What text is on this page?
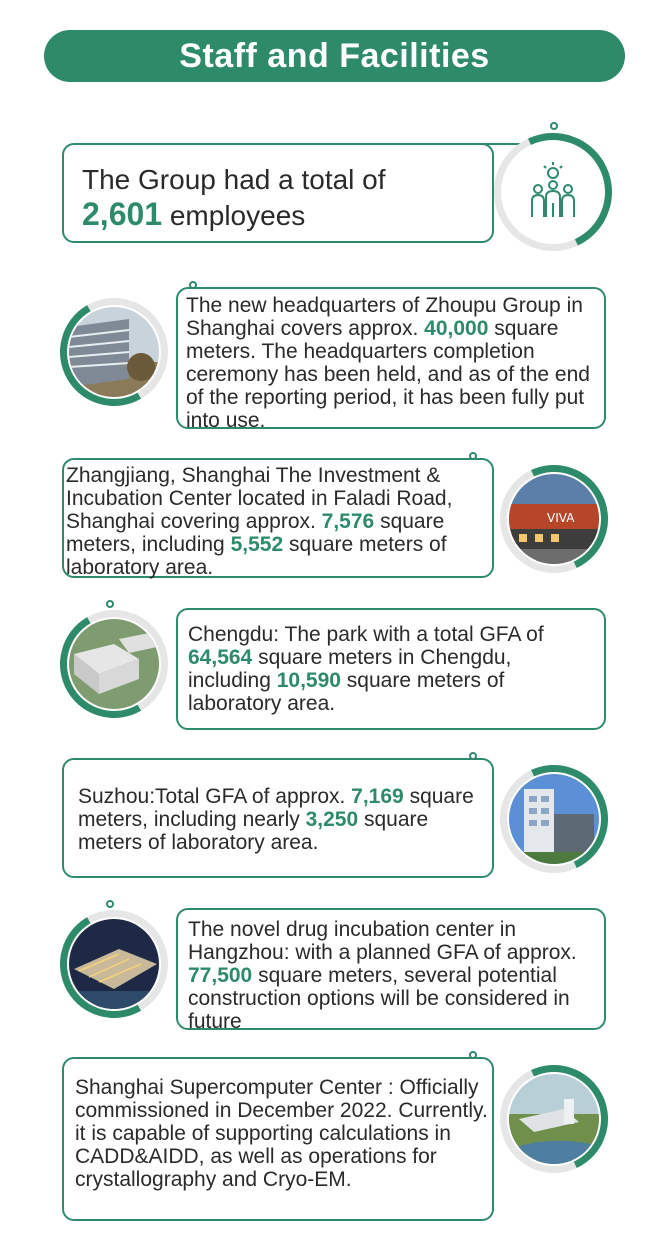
Staff and Facilities
The Group had a total of
2,601 employees
The new headquarters of Zhoupu Group in Shanghai covers approx. 40,000 square meters. The headquarters completion ceremony has been held, and as of the end of the reporting period, it has been fully put into use.
Zhangjiang, Shanghai The Investment & Incubation Center located in Faladi Road, Shanghai covering approx. 7,576 square meters, including 5,552 square meters of laboratory area.
VIVA
Chengdu: The park with a total GFA of 64,564 square meters in Chengdu, including 10,590 square meters of laboratory area.
Suzhou:Total GFA of approx. 7,169 square meters, including nearly 3,250 square meters of laboratory area.
The novel drug incubation center in Hangzhou: with a planned GFA of approx. 77,500 square meters, several potential construction options will be considered in future
Shanghai Supercomputer Center : Officially commissioned in December 2022. Currently. it is capable of supporting calculations in CADD&AIDD, as well as operations for crystallography and Cryo-EM.
